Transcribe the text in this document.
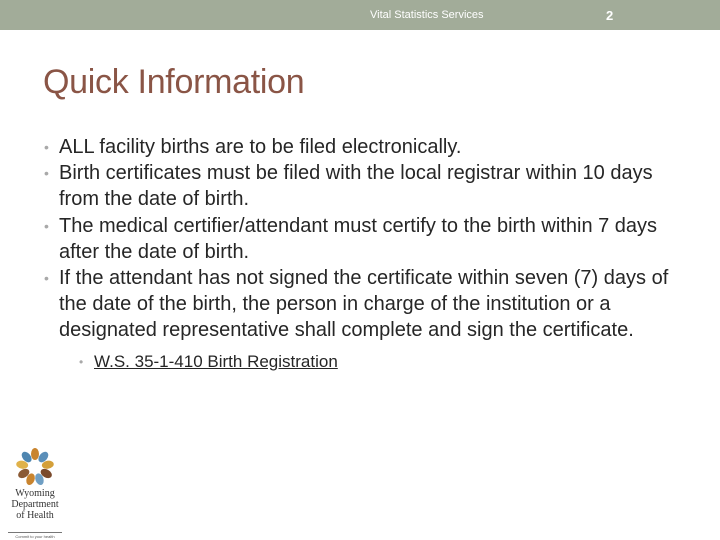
Vital Statistics Services	2
Quick Information
• ALL facility births are to be filed electronically.
• Birth certificates must be filed with the local registrar within 10 days from the date of birth.
• The medical certifier/attendant must certify to the birth within 7 days after the date of birth.
• If the attendant has not signed the certificate within seven (7) days of the date of the birth, the person in charge of the institution or a designated representative shall complete and sign the certificate.
• W.S. 35-1-410 Birth Registration
Wyoming
Department
of Health
Commit to your health
